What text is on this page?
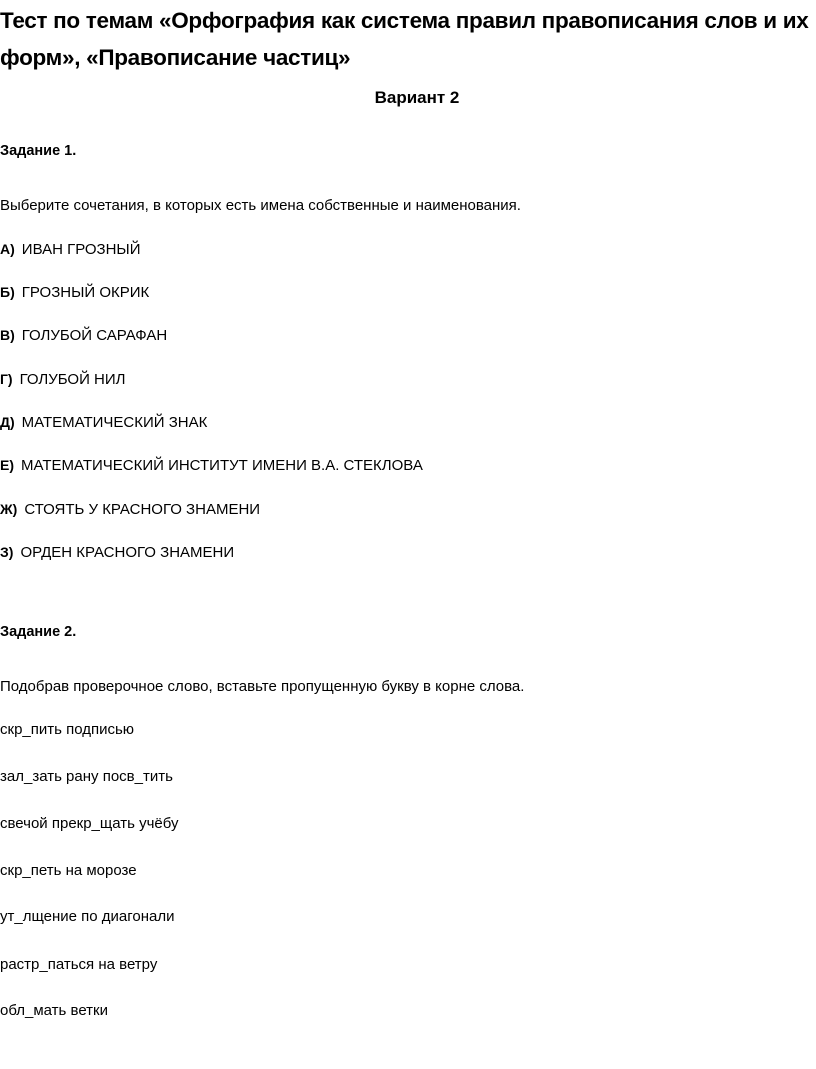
Тест по темам «Орфография как система правил правописания слов и их форм», «Правописание частиц»
Вариант 2
Задание 1.
Выберите сочетания, в которых есть имена собственные и наименования.
А) ИВАН ГРОЗНЫЙ
Б) ГРОЗНЫЙ ОКРИК
В) ГОЛУБОЙ САРАФАН
Г) ГОЛУБОЙ НИЛ
Д) МАТЕМАТИЧЕСКИЙ ЗНАК
Е) МАТЕМАТИЧЕСКИЙ ИНСТИТУТ ИМЕНИ В.А. СТЕКЛОВА
Ж) СТОЯТЬ У КРАСНОГО ЗНАМЕНИ
З) ОРДЕН КРАСНОГО ЗНАМЕНИ
Задание 2.
Подобрав проверочное слово, вставьте пропущенную букву в корне слова.
скр_пить подписью
зал_зать рану посв_тить
свечой прекр_щать учёбу
скр_петь на морозе
ут_лщение по диагонали
растр_паться на ветру
обл_мать ветки
